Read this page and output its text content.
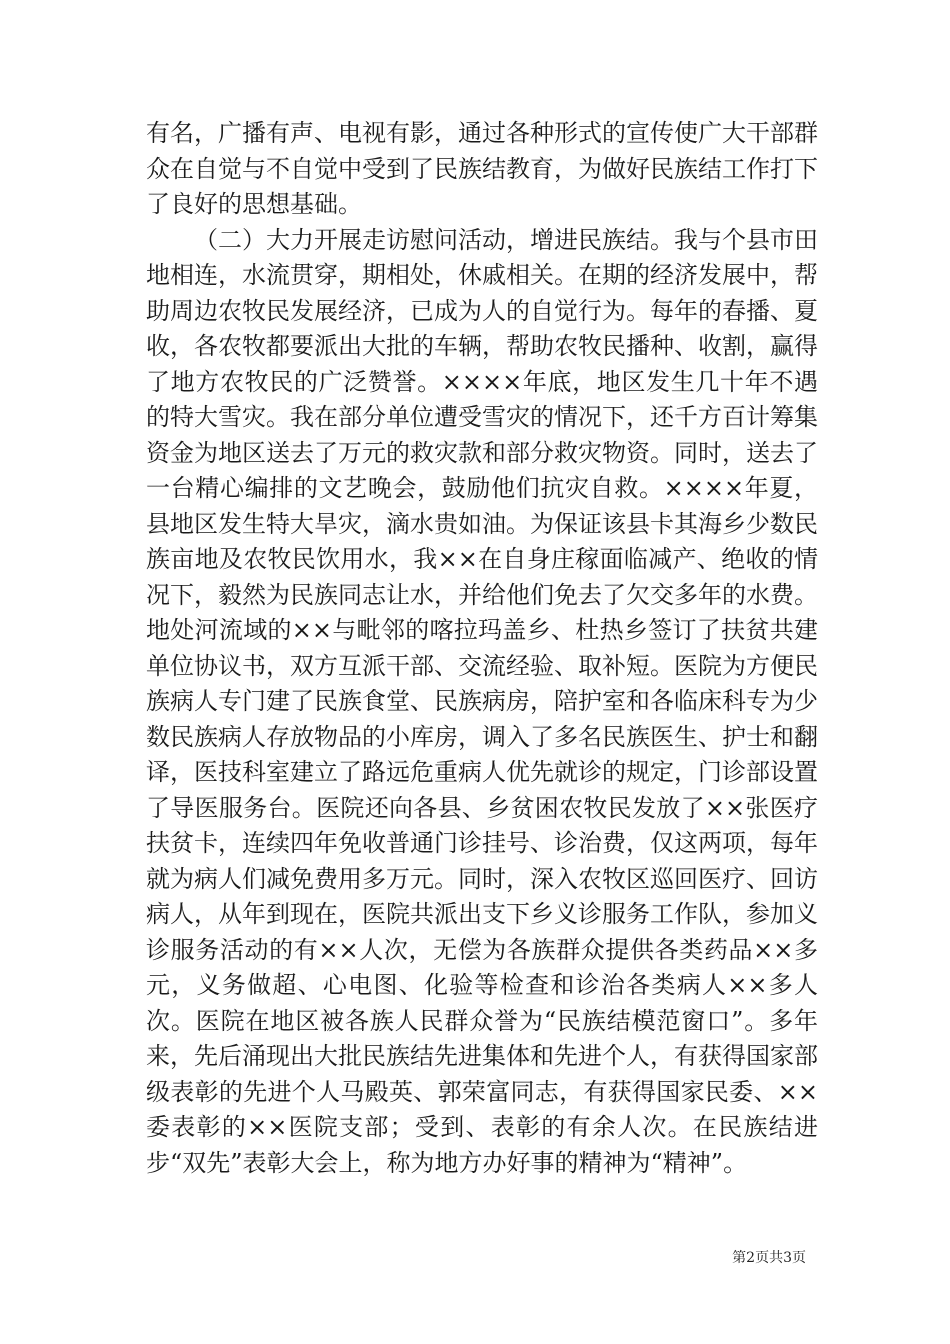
有名，广播有声、电视有影，通过各种形式的宣传使广大干部群众在自觉与不自觉中受到了民族结教育，为做好民族结工作打下了良好的思想基础。

（二）大力开展走访慰问活动，增进民族结。我与个县市田地相连，水流贯穿，期相处，休戚相关。在期的经济发展中，帮助周边农牧民发展经济，已成为人的自觉行为。每年的春播、夏收，各农牧都要派出大批的车辆，帮助农牧民播种、收割，赢得了地方农牧民的广泛赞誉。××××年底，地区发生几十年不遇的特大雪灾。我在部分单位遭受雪灾的情况下，还千方百计筹集资金为地区送去了万元的救灾款和部分救灾物资。同时，送去了一台精心编排的文艺晚会，鼓励他们抗灾自救。××××年夏，县地区发生特大旱灾，滴水贵如油。为保证该县卡其海乡少数民族亩地及农牧民饮用水，我××在自身庄稼面临减产、绝收的情况下，毅然为民族同志让水，并给他们免去了欠交多年的水费。地处河流域的××与毗邻的喀拉玛盖乡、杜热乡签订了扶贫共建单位协议书，双方互派干部、交流经验、取补短。医院为方便民族病人专门建了民族食堂、民族病房，陪护室和各临床科专为少数民族病人存放物品的小库房，调入了多名民族医生、护士和翻译，医技科室建立了路远危重病人优先就诊的规定，门诊部设置了导医服务台。医院还向各县、乡贫困农牧民发放了××张医疗扶贫卡，连续四年免收普通门诊挂号、诊治费，仅这两项，每年就为病人们减免费用多万元。同时，深入农牧区巡回医疗、回访病人，从年到现在，医院共派出支下乡义诊服务工作队，参加义诊服务活动的有××人次，无偿为各族群众提供各类药品××多元，义务做超、心电图、化验等检查和诊治各类病人××多人次。医院在地区被各族人民群众誉为“民族结模范窗口”。多年来，先后涌现出大批民族结先进集体和先进个人，有获得国家部级表彰的先进个人马殿英、郭荣富同志，有获得国家民委、××委表彰的××医院支部；受到、表彰的有余人次。在民族结进步“双先”表彰大会上，称为地方办好事的精神为“精神”。

第2页共3页
